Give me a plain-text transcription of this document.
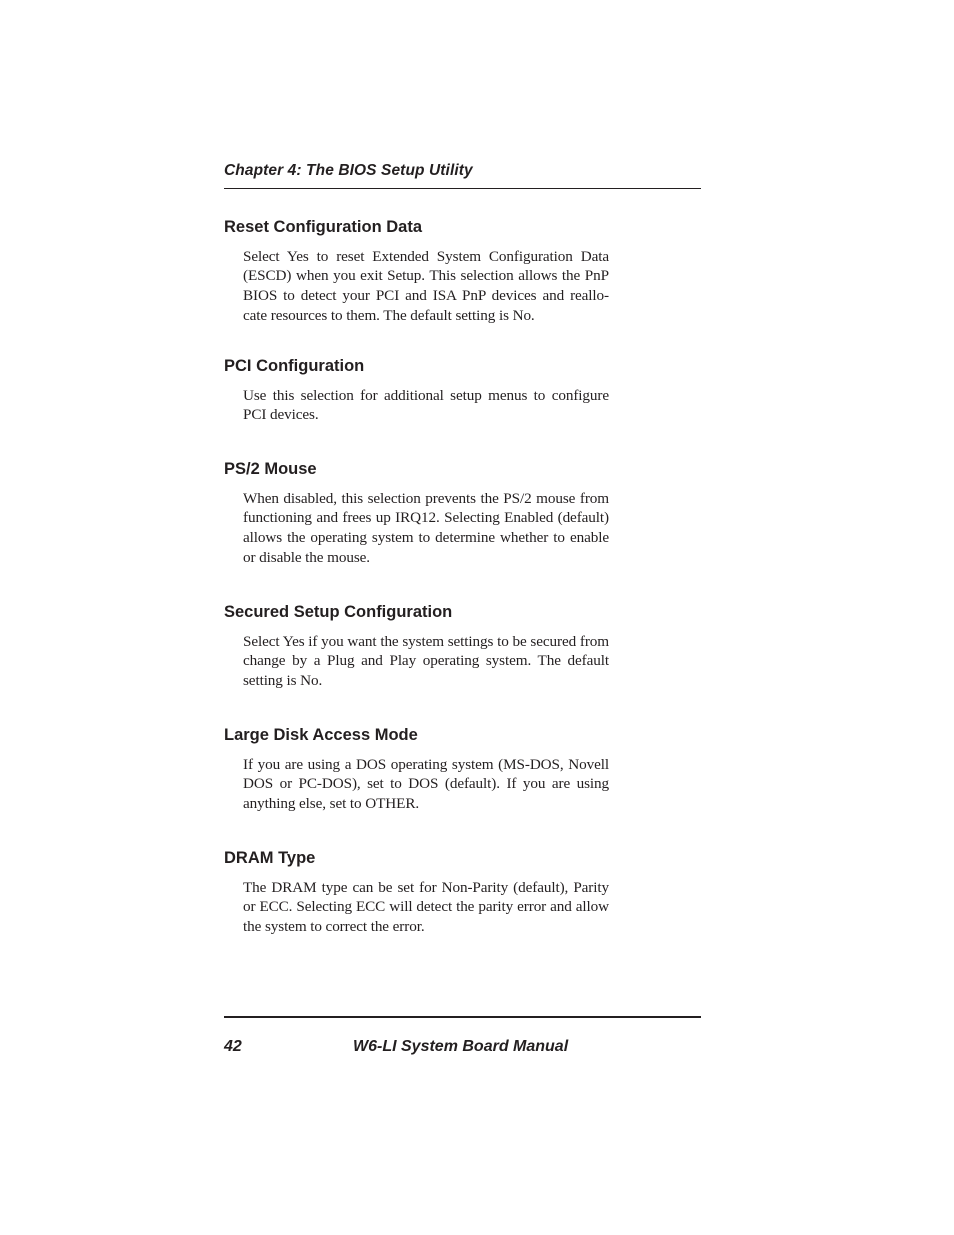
Chapter 4: The BIOS Setup Utility
Reset Configuration Data

Select Yes to reset Extended System Configuration Data (ESCD) when you exit Setup. This selection allows the PnP BIOS to detect your PCI and ISA PnP devices and reallo-cate resources to them. The default setting is No.

PCI Configuration

Use this selection for additional setup menus to configure PCI devices.

PS/2 Mouse

When disabled, this selection prevents the PS/2 mouse from functioning and frees up IRQ12. Selecting Enabled (default) allows the operating system to determine whether to enable or disable the mouse.

Secured Setup Configuration

Select Yes if you want the system settings to be secured from change by a Plug and Play operating system. The default setting is No.

Large Disk Access Mode

If you are using a DOS operating system (MS-DOS, Novell DOS or PC-DOS), set to DOS (default). If you are using anything else, set to OTHER.

DRAM Type

The DRAM type can be set for Non-Parity (default), Parity or ECC. Selecting ECC will detect the parity error and allow the system to correct the error.

42	W6-LI System Board Manual
